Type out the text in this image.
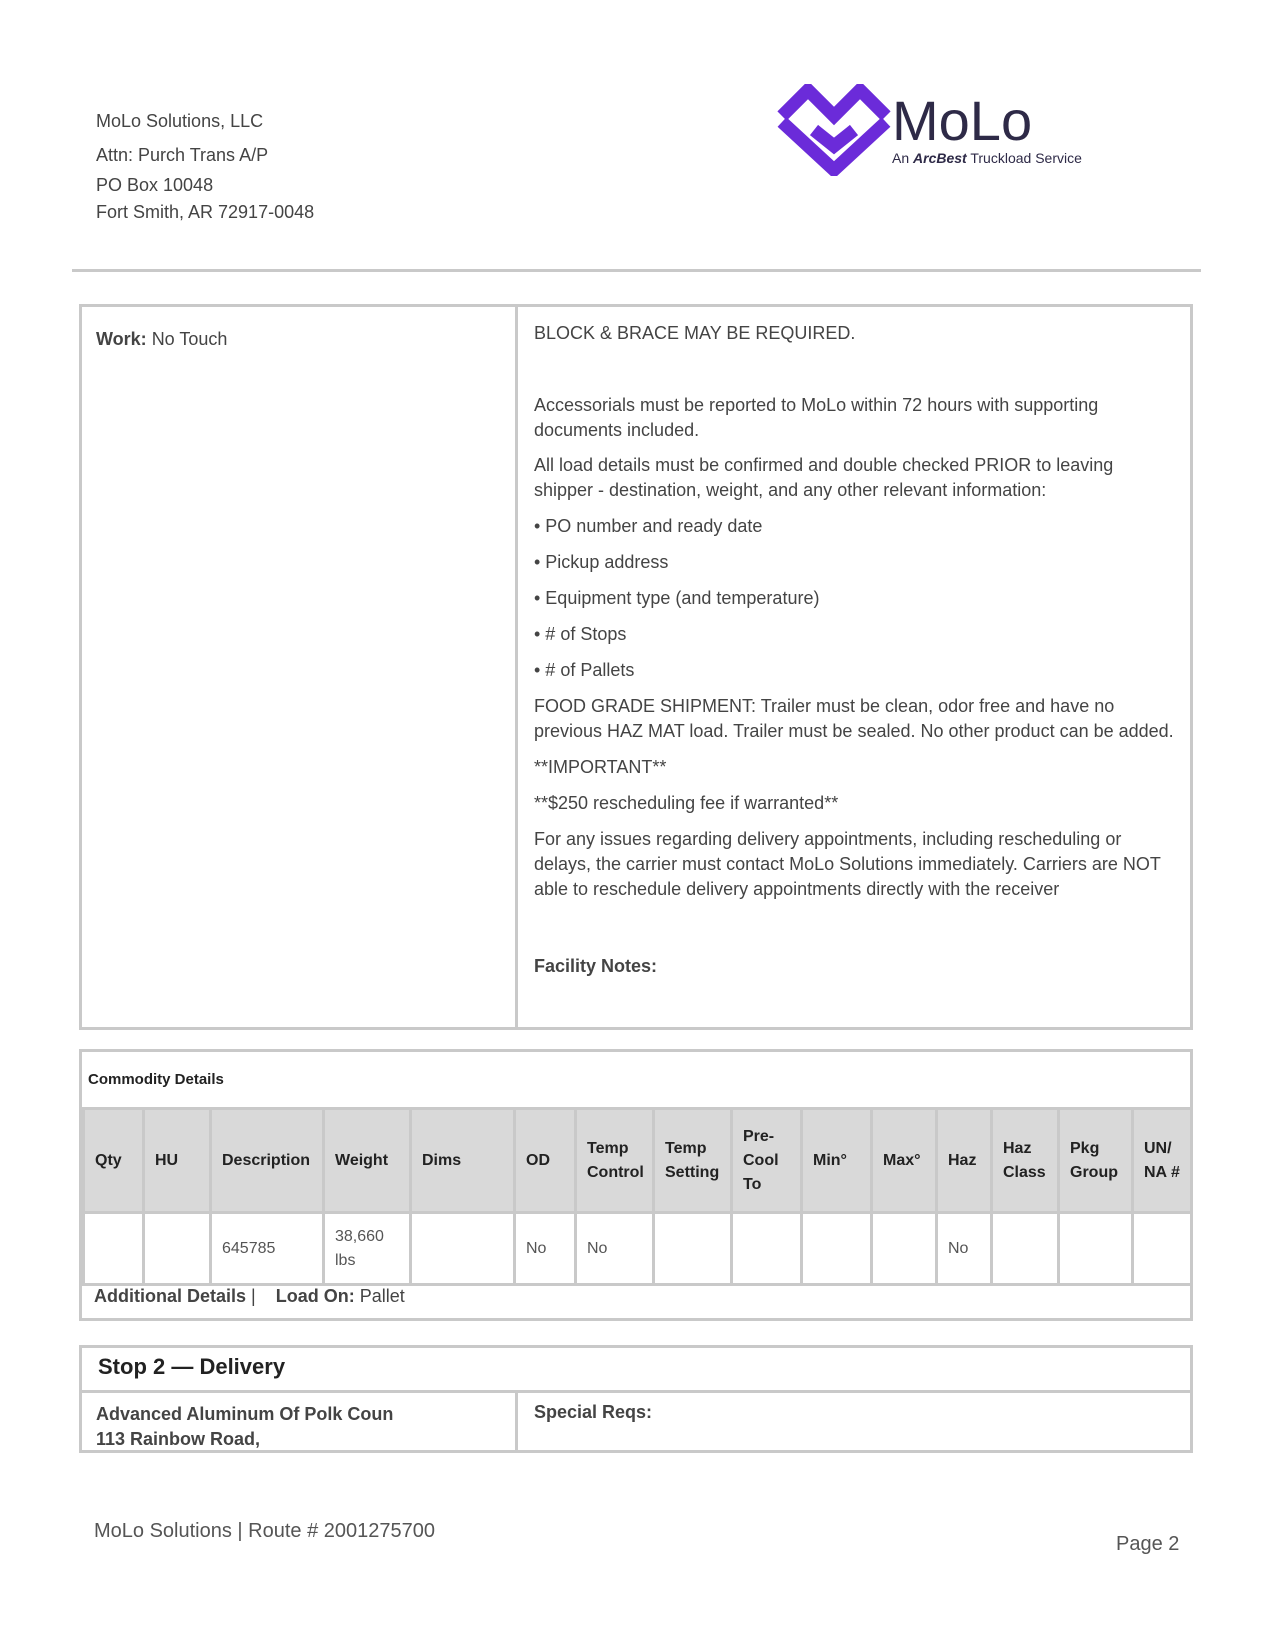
MoLo Solutions, LLC
Attn: Purch Trans A/P
PO Box 10048
Fort Smith, AR 72917-0048
MoLo
An ArcBest Truckload Service
Work: No Touch	BLOCK & BRACE MAY BE REQUIRED.

Accessorials must be reported to MoLo within 72 hours with supporting documents included.

All load details must be confirmed and double checked PRIOR to leaving shipper - destination, weight, and any other relevant information:

• PO number and ready date

• Pickup address

• Equipment type (and temperature)

• # of Stops

• # of Pallets

FOOD GRADE SHIPMENT: Trailer must be clean, odor free and have no previous HAZ MAT load. Trailer must be sealed. No other product can be added.

**IMPORTANT**

**$250 rescheduling fee if warranted**

For any issues regarding delivery appointments, including rescheduling or delays, the carrier must contact MoLo Solutions immediately. Carriers are NOT able to reschedule delivery appointments directly with the receiver

Facility Notes:

Commodity Details
Qty	HU	Description	Weight	Dims	OD	Temp Control	Temp Setting	Pre-Cool To	Min°	Max°	Haz	Haz Class	Pkg Group	UN/ NA #
		645785	38,660 lbs		No	No					No			
Additional Details |    Load On: Pallet
Stop 2 — Delivery
Advanced Aluminum Of Polk Coun
113 Rainbow Road,
Special Reqs:
MoLo Solutions | Route # 2001275700
Page 2
